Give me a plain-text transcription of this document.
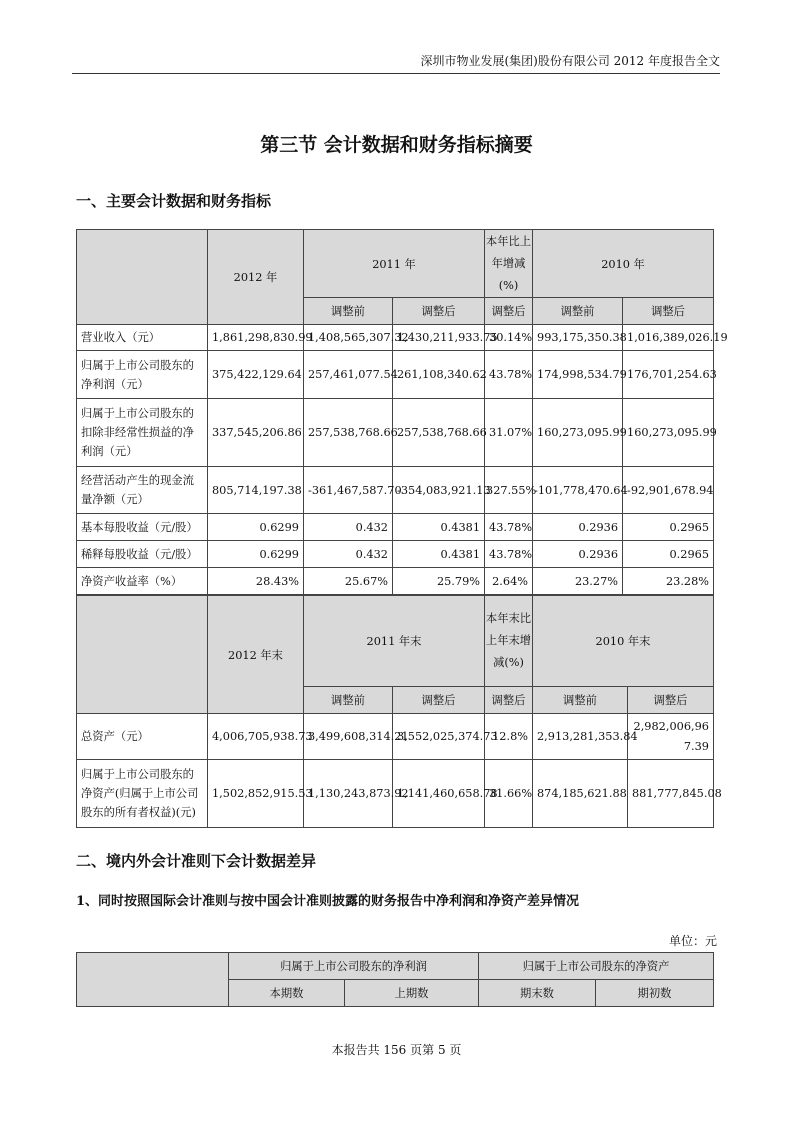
深圳市物业发展(集团)股份有限公司 2012 年度报告全文
第三节 会计数据和财务指标摘要
一、主要会计数据和财务指标
	2012 年	2011 年		本年比上年增减(%)	2010 年	
		调整前	调整后	调整后	调整前	调整后
营业收入（元）	1,861,298,830.99	1,408,565,307.32	1,430,211,933.75	30.14%	993,175,350.38	1,016,389,026.19
归属于上市公司股东的净利润（元）	375,422,129.64	257,461,077.54	261,108,340.62	43.78%	174,998,534.79	176,701,254.63
归属于上市公司股东的扣除非经常性损益的净利润（元）	337,545,206.86	257,538,768.66	257,538,768.66	31.07%	160,273,095.99	160,273,095.99
经营活动产生的现金流量净额（元）	805,714,197.38	-361,467,587.70	-354,083,921.13	327.55%	-101,778,470.64	-92,901,678.94
基本每股收益（元/股）	0.6299	0.432	0.4381	43.78%	0.2936	0.2965
稀释每股收益（元/股）	0.6299	0.432	0.4381	43.78%	0.2936	0.2965
净资产收益率（%）	28.43%	25.67%	25.79%	2.64%	23.27%	23.28%
	2012 年末	2011 年末		本年末比上年末增减(%)	2010 年末	
		调整前	调整后	调整后	调整前	调整后
总资产（元）	4,006,705,938.73	3,499,608,314.21	3,552,025,374.73	12.8%	2,913,281,353.84	2,982,006,967.39
归属于上市公司股东的净资产(归属于上市公司股东的所有者权益)(元)	1,502,852,915.53	1,130,243,873.92	1,141,460,658.78	31.66%	874,185,621.88	881,777,845.08
二、境内外会计准则下会计数据差异
1、同时按照国际会计准则与按中国会计准则披露的财务报告中净利润和净资产差异情况
单位：元
	归属于上市公司股东的净利润		归属于上市公司股东的净资产	
	本期数	上期数	期末数	期初数
本报告共 156 页第 5 页
